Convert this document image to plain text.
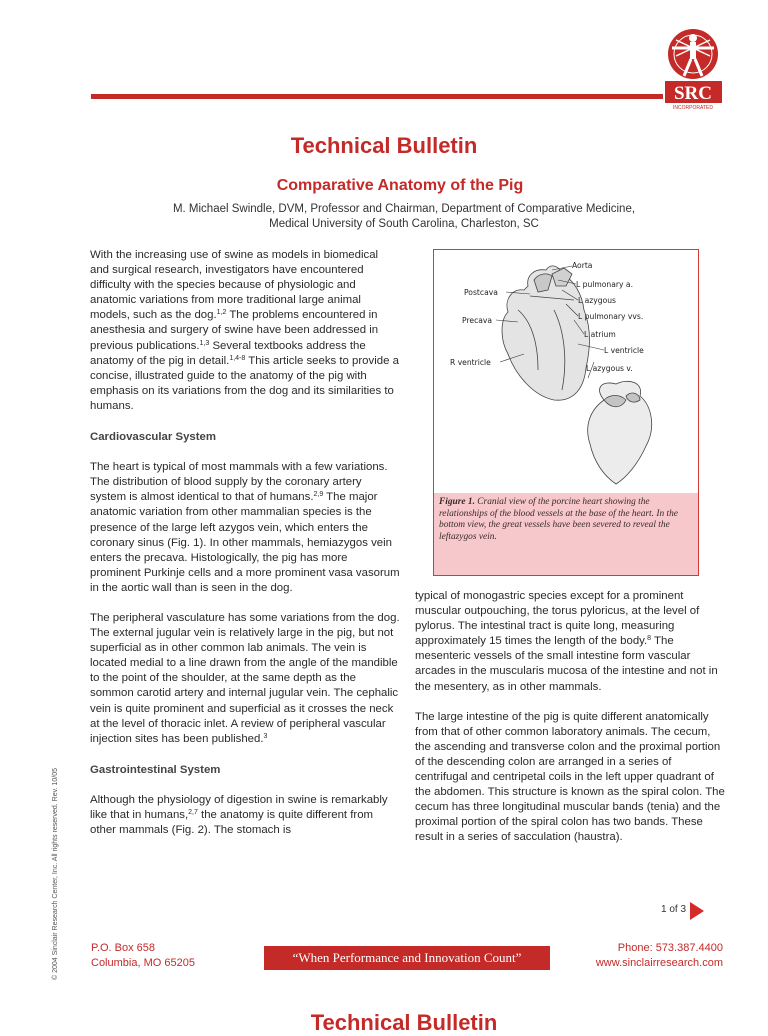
SRC
INCORPORATED
Technical Bulletin
Comparative Anatomy of the Pig
M. Michael Swindle, DVM, Professor and Chairman, Department of Comparative Medicine,
Medical University of South Carolina, Charleston, SC

With the increasing use of swine as models in biomedical and surgical research, investigators have encountered difficulty with the species because of physiologic and anatomic variations from more traditional large animal models, such as the dog.$^{1,2}$ The problems encountered in anesthesia and surgery of swine have been addressed in previous publications.$^{1,3}$ Several textbooks address the anatomy of the pig in detail.$^{1,4-8}$ This article seeks to provide a concise, illustrated guide to the anatomy of the pig with emphasis on its variations from the dog and its similarities to humans.

Cardiovascular System

The heart is typical of most mammals with a few variations. The distribution of blood supply by the coronary artery system is almost identical to that of humans.$^{2,9}$ The major anatomic variation from other mammalian species is the presence of the large left azygos vein, which enters the coronary sinus (Fig. 1). In other mammals, hemiazygos vein enters the precava. Histologically, the pig has more prominent Purkinje cells and a more prominent vasa vasorum in the aortic wall than is seen in the dog.

The peripheral vasculature has some variations from the dog. The external jugular vein is relatively large in the pig, but not superficial as in other common lab animals. The vein is located medial to a line drawn from the angle of the mandible to the point of the shoulder, at the same depth as the sommon carotid artery and internal jugular vein. The cephalic vein is quite prominent and superficial as it crosses the neck at the level of thoracic inlet. A review of peripheral vascular injection sites has been published.$^3$

Gastrointestinal System

Although the physiology of digestion in swine is remarkably like that in humans,$^{2,7}$ the anatomy is quite different from other mammals (Fig. 2). The stomach is

Aorta
L pulmonary a.
L azygous
L pulmonary vvs.
L atrium
L ventricle
L azygous v.
Postcava
Precava
R ventricle
Figure 1. Cranial view of the porcine heart showing the relationships of the blood vessels at the base of the heart. In the bottom view, the great vessels have been severed to reveal the leftazygos vein.

typical of monogastric species except for a prominent muscular outpouching, the torus pyloricus, at the level of pylorus. The intestinal tract is quite long, measuring approximately 15 times the length of the body.$^8$ The mesenteric vessels of the small intestine form vascular arcades in the muscularis mucosa of the intestine and not in the mesentery, as in other mammals.

The large intestine of the pig is quite different anatomically from that of other common laboratory animals. The cecum, the ascending and transverse colon and the proximal portion of the descending colon are arranged in a series of centrifugal and centripetal coils in the left upper quadrant of the abdomen. This structure is known as the spiral colon. The cecum has three longitudinal muscular bands (tenia) and the proximal portion of the spiral colon has two bands. These result in a series of sacculation (haustra).

1 of 3
P.O. Box 658
Columbia, MO 65205	“When Performance and Innovation Count”
Phone: 573.387.4400
www.sinclairresearch.com
© 2004 Sinclair Research Center, Inc. All rights reserved. Rev. 10/05
Technical Bulletin
